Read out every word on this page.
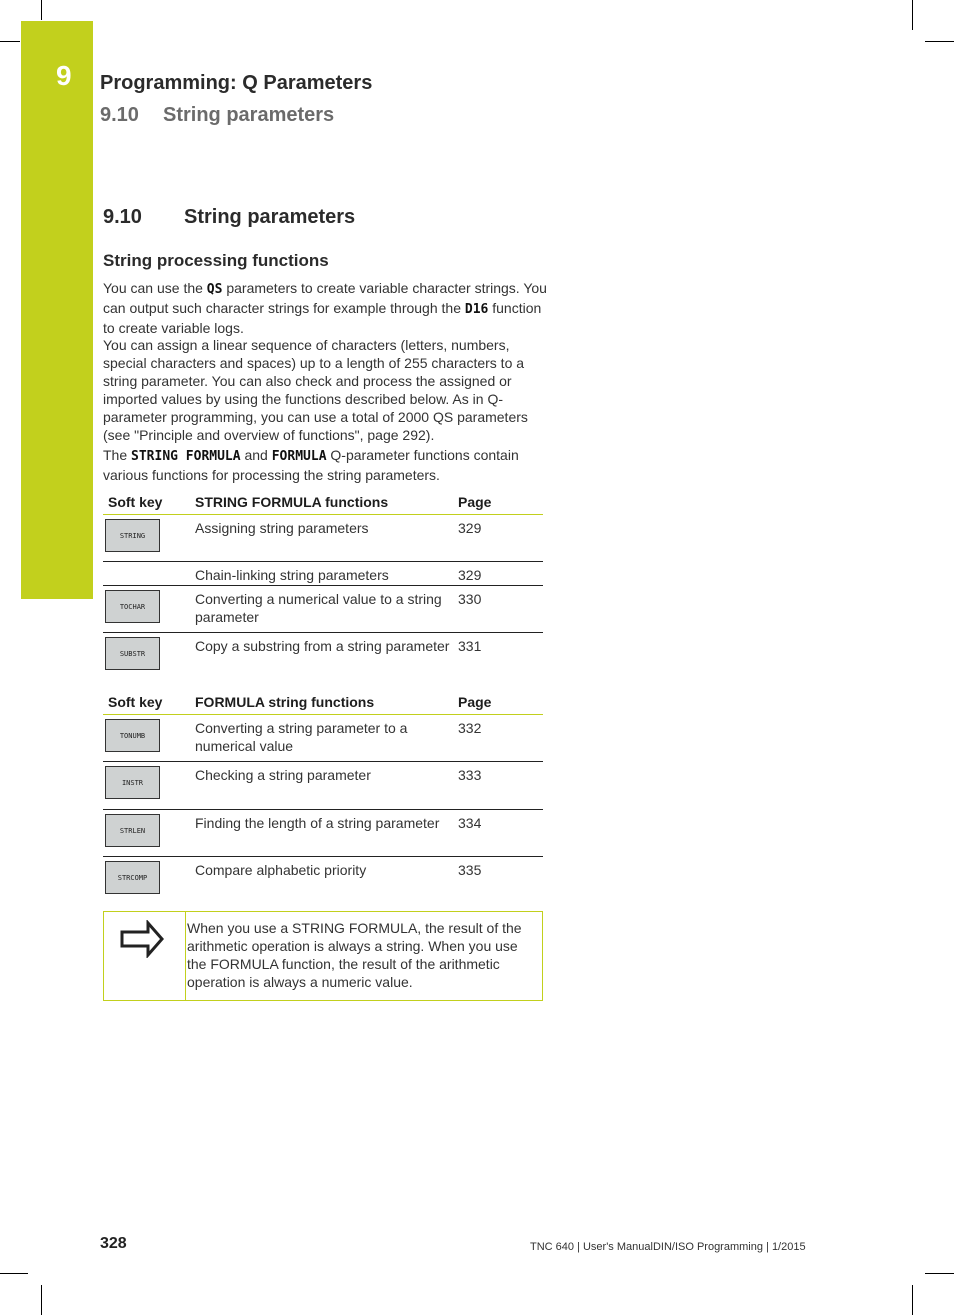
9 Programming: Q Parameters
9.10 String parameters
9.10 String parameters
String processing functions
You can use the QS parameters to create variable character strings. You can output such character strings for example through the D16 function to create variable logs.
You can assign a linear sequence of characters (letters, numbers, special characters and spaces) up to a length of 255 characters to a string parameter. You can also check and process the assigned or imported values by using the functions described below. As in Q-parameter programming, you can use a total of 2000 QS parameters (see "Principle and overview of functions", page 292).
The STRING FORMULA and FORMULA Q-parameter functions contain various functions for processing the string parameters.
Soft key	STRING FORMULA functions	Page

STRING	Assigning string parameters	329
	Chain-linking string parameters	329

TOCHAR	Converting a numerical value to a string parameter	330

SUBSTR	Copy a substring from a string parameter	331
Soft key	FORMULA string functions	Page

TONUMB	Converting a string parameter to a numerical value	332

INSTR	Checking a string parameter	333

STRLEN	Finding the length of a string parameter	334

STRCOMP	Compare alphabetic priority	335
When you use a STRING FORMULA, the result of the arithmetic operation is always a string. When you use the FORMULA function, the result of the arithmetic operation is always a numeric value.
328	TNC 640 | User's ManualDIN/ISO Programming | 1/2015
